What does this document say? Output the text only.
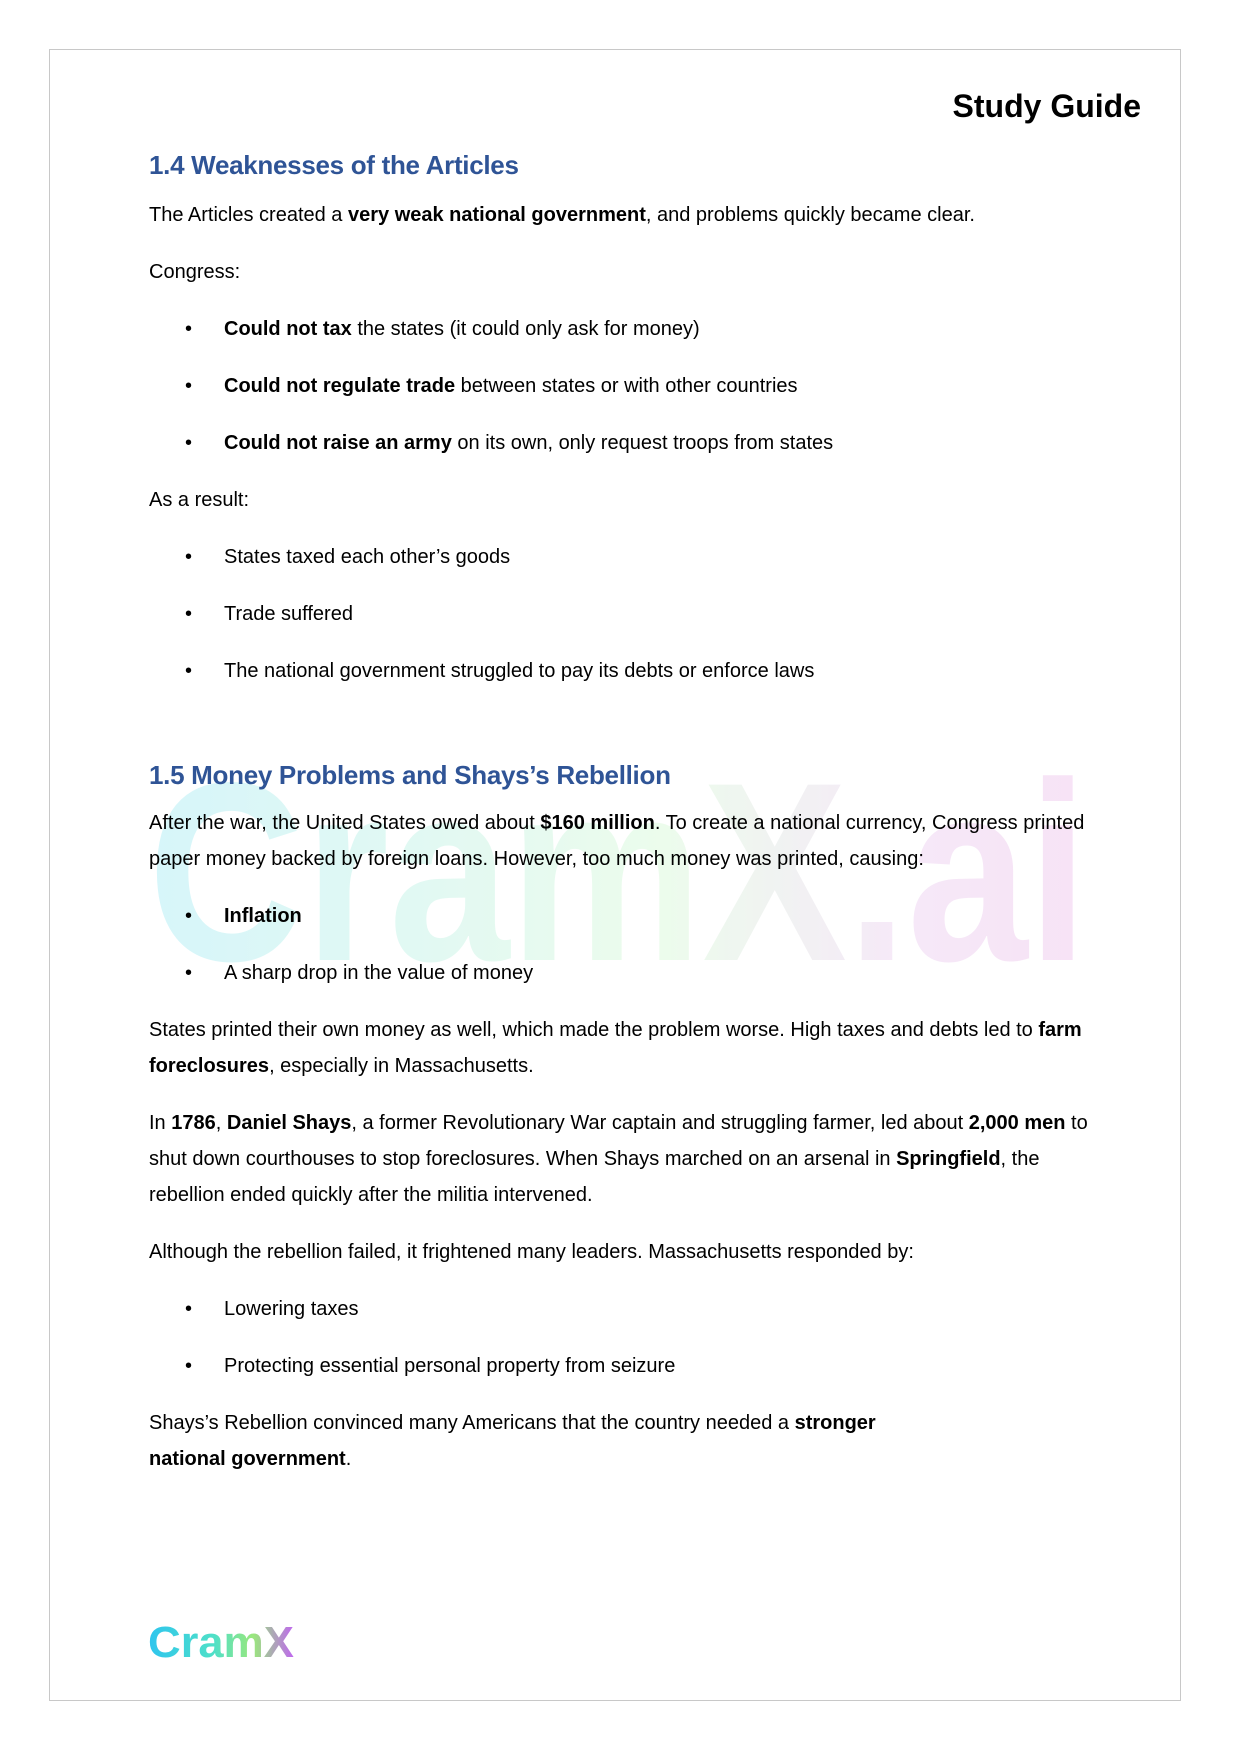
CramX.ai
Study Guide
1.4 Weaknesses of the Articles

The Articles created a very weak national government, and problems quickly became clear.

Congress:

•	Could not tax the states (it could only ask for money)
•	Could not regulate trade between states or with other countries
•	Could not raise an army on its own, only request troops from states

As a result:

•	States taxed each other’s goods
•	Trade suffered
•	The national government struggled to pay its debts or enforce laws
1.5 Money Problems and Shays’s Rebellion

After the war, the United States owed about $160 million. To create a national currency, Congress printed paper money backed by foreign loans. However, too much money was printed, causing:

•	Inflation
•	A sharp drop in the value of money

States printed their own money as well, which made the problem worse. High taxes and debts led to farm foreclosures, especially in Massachusetts.

In 1786, Daniel Shays, a former Revolutionary War captain and struggling farmer, led about 2,000 men to shut down courthouses to stop foreclosures. When Shays marched on an arsenal in Springfield, the rebellion ended quickly after the militia intervened.

Although the rebellion failed, it frightened many leaders. Massachusetts responded by:

•	Lowering taxes
•	Protecting essential personal property from seizure

Shays’s Rebellion convinced many Americans that the country needed a stronger national government.

CramX
